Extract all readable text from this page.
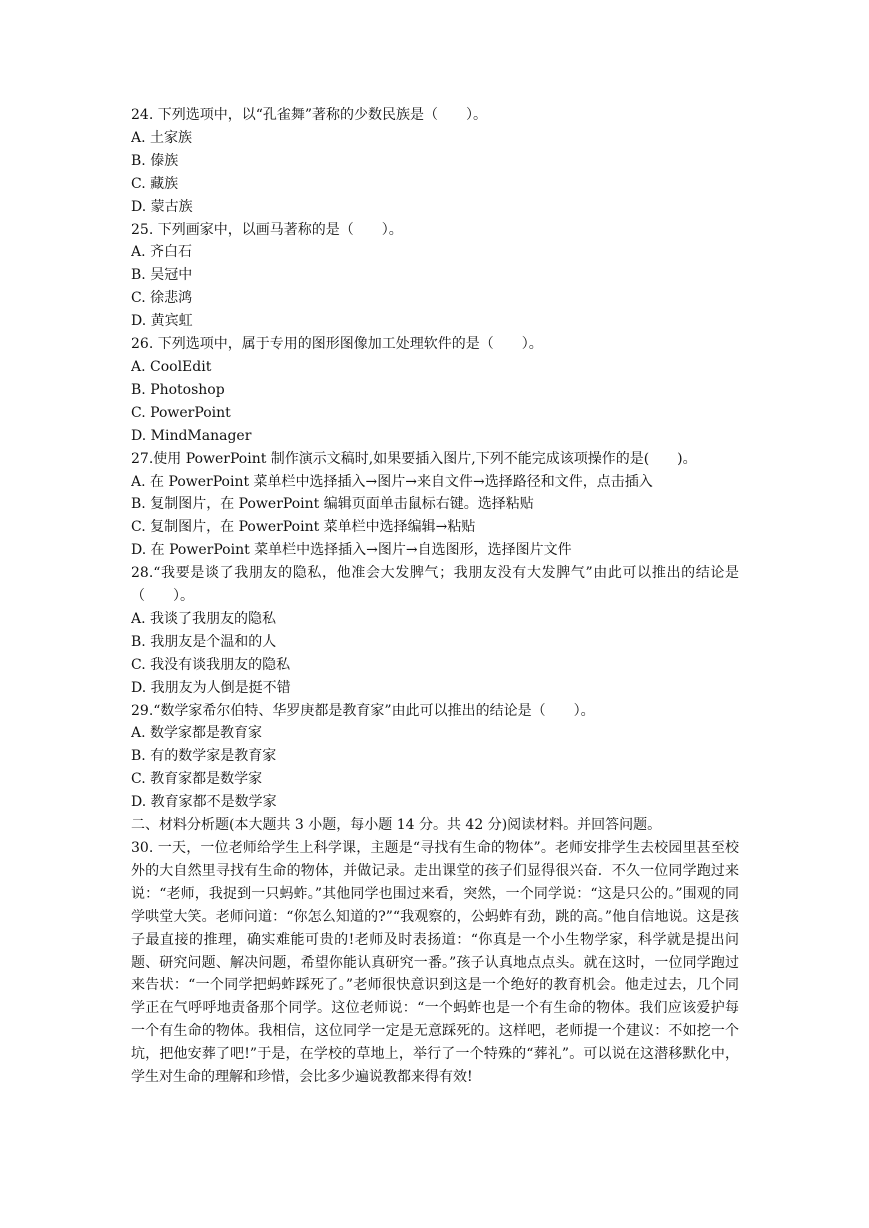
24. 下列选项中，以“孔雀舞”著称的少数民族是（　　）。
A. 土家族
B. 傣族
C. 藏族
D. 蒙古族
25. 下列画家中，以画马著称的是（　　）。
A. 齐白石
B. 吴冠中
C. 徐悲鸿
D. 黄宾虹
26. 下列选项中，属于专用的图形图像加工处理软件的是（　　）。
A. CoolEdit
B. Photoshop
C. PowerPoint
D. MindManager
27.使用 PowerPoint 制作演示文稿时,如果要插入图片,下列不能完成该项操作的是(　　)。
A. 在 PowerPoint 菜单栏中选择插入→图片→来自文件→选择路径和文件，点击插入
B. 复制图片，在 PowerPoint 编辑页面单击鼠标右键。选择粘贴
C. 复制图片，在 PowerPoint 菜单栏中选择编辑→粘贴
D. 在 PowerPoint 菜单栏中选择插入→图片→自选图形，选择图片文件
28.“我要是谈了我朋友的隐私，他准会大发脾气；我朋友没有大发脾气”由此可以推出的结论是（　　）。
A. 我谈了我朋友的隐私
B. 我朋友是个温和的人
C. 我没有谈我朋友的隐私
D. 我朋友为人倒是挺不错
29.“数学家希尔伯特、华罗庚都是教育家”由此可以推出的结论是（　　）。
A. 数学家都是教育家
B. 有的数学家是教育家
C. 教育家都是数学家
D. 教育家都不是数学家
二、材料分析题(本大题共 3 小题，每小题 14 分。共 42 分)阅读材料。并回答问题。
30. 一天，一位老师给学生上科学课，主题是“寻找有生命的物体”。老师安排学生去校园里甚至校外的大自然里寻找有生命的物体，并做记录。走出课堂的孩子们显得很兴奋．不久一位同学跑过来说：“老师，我捉到一只蚂蚱。”其他同学也围过来看，突然，一个同学说：“这是只公的。”围观的同学哄堂大笑。老师问道：“你怎么知道的?”“我观察的，公蚂蚱有劲，跳的高。”他自信地说。这是孩子最直接的推理，确实难能可贵的!老师及时表扬道：“你真是一个小生物学家，科学就是提出问题、研究问题、解决问题，希望你能认真研究一番。”孩子认真地点点头。就在这时，一位同学跑过来告状：“一个同学把蚂蚱踩死了。”老师很快意识到这是一个绝好的教育机会。他走过去，几个同学正在气呼呼地责备那个同学。这位老师说：“一个蚂蚱也是一个有生命的物体。我们应该爱护每一个有生命的物体。我相信，这位同学一定是无意踩死的。这样吧，老师提一个建议：不如挖一个坑，把他安葬了吧!”于是，在学校的草地上，举行了一个特殊的“葬礼”。可以说在这潜移默化中，学生对生命的理解和珍惜，会比多少遍说教都来得有效!
